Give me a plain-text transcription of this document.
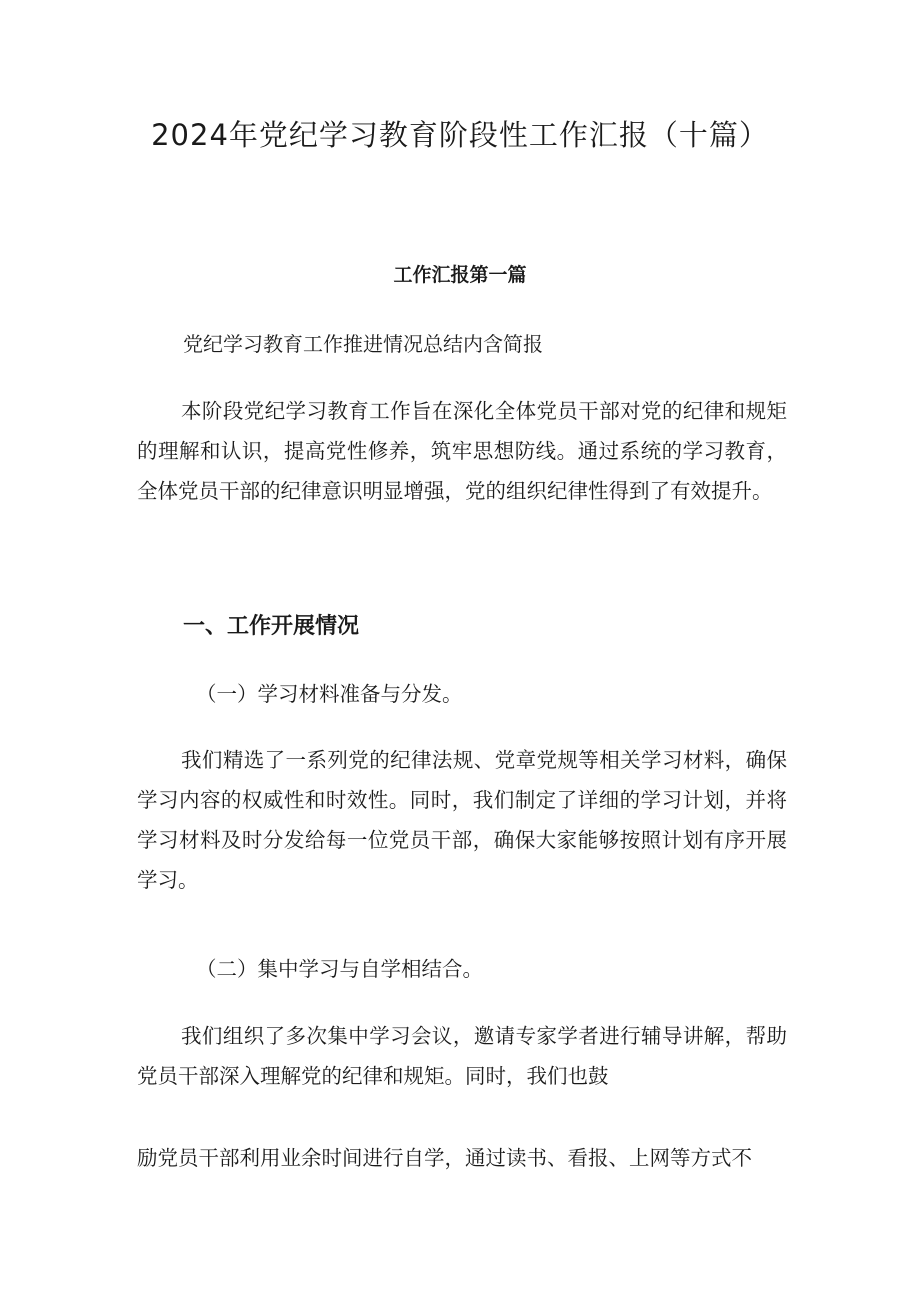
2024年党纪学习教育阶段性工作汇报（十篇）
工作汇报第一篇

党纪学习教育工作推进情况总结内含简报

本阶段党纪学习教育工作旨在深化全体党员干部对党的纪律和规矩的理解和认识，提高党性修养，筑牢思想防线。通过系统的学习教育，全体党员干部的纪律意识明显增强，党的组织纪律性得到了有效提升。

一、工作开展情况

（一）学习材料准备与分发。

我们精选了一系列党的纪律法规、党章党规等相关学习材料，确保学习内容的权威性和时效性。同时，我们制定了详细的学习计划，并将学习材料及时分发给每一位党员干部，确保大家能够按照计划有序开展学习。

（二）集中学习与自学相结合。

我们组织了多次集中学习会议，邀请专家学者进行辅导讲解，帮助党员干部深入理解党的纪律和规矩。同时，我们也鼓

励党员干部利用业余时间进行自学，通过读书、看报、上网等方式不
